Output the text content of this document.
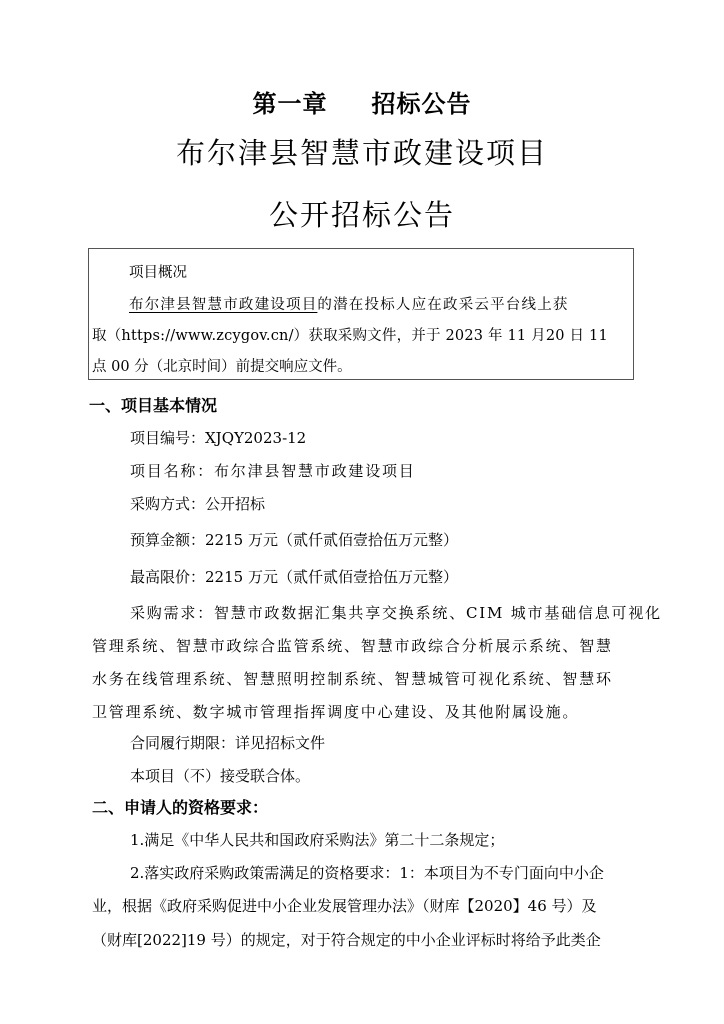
第一章 招标公告
布尔津县智慧市政建设项目
公开招标公告
项目概况
布尔津县智慧市政建设项目的潜在投标人应在政采云平台线上获
取（https://www.zcygov.cn/）获取采购文件，并于 2023 年 11 月20 日 11
点 00 分（北京时间）前提交响应文件。
一、项目基本情况
项目编号：XJQY2023-12
项目名称：布尔津县智慧市政建设项目
采购方式：公开招标
预算金额：2215 万元（贰仟贰佰壹拾伍万元整）
最高限价：2215 万元（贰仟贰佰壹拾伍万元整）
采购需求：智慧市政数据汇集共享交换系统、CIM 城市基础信息可视化
管理系统、智慧市政综合监管系统、智慧市政综合分析展示系统、智慧
水务在线管理系统、智慧照明控制系统、智慧城管可视化系统、智慧环
卫管理系统、数字城市管理指挥调度中心建设、及其他附属设施。
合同履行期限：详见招标文件
本项目（不）接受联合体。
二、申请人的资格要求：
1.满足《中华人民共和国政府采购法》第二十二条规定；
2.落实政府采购政策需满足的资格要求：1：本项目为不专门面向中小企
业，根据《政府采购促进中小企业发展管理办法》（财库【2020】46 号）及
（财库[2022]19 号）的规定，对于符合规定的中小企业评标时将给予此类企
